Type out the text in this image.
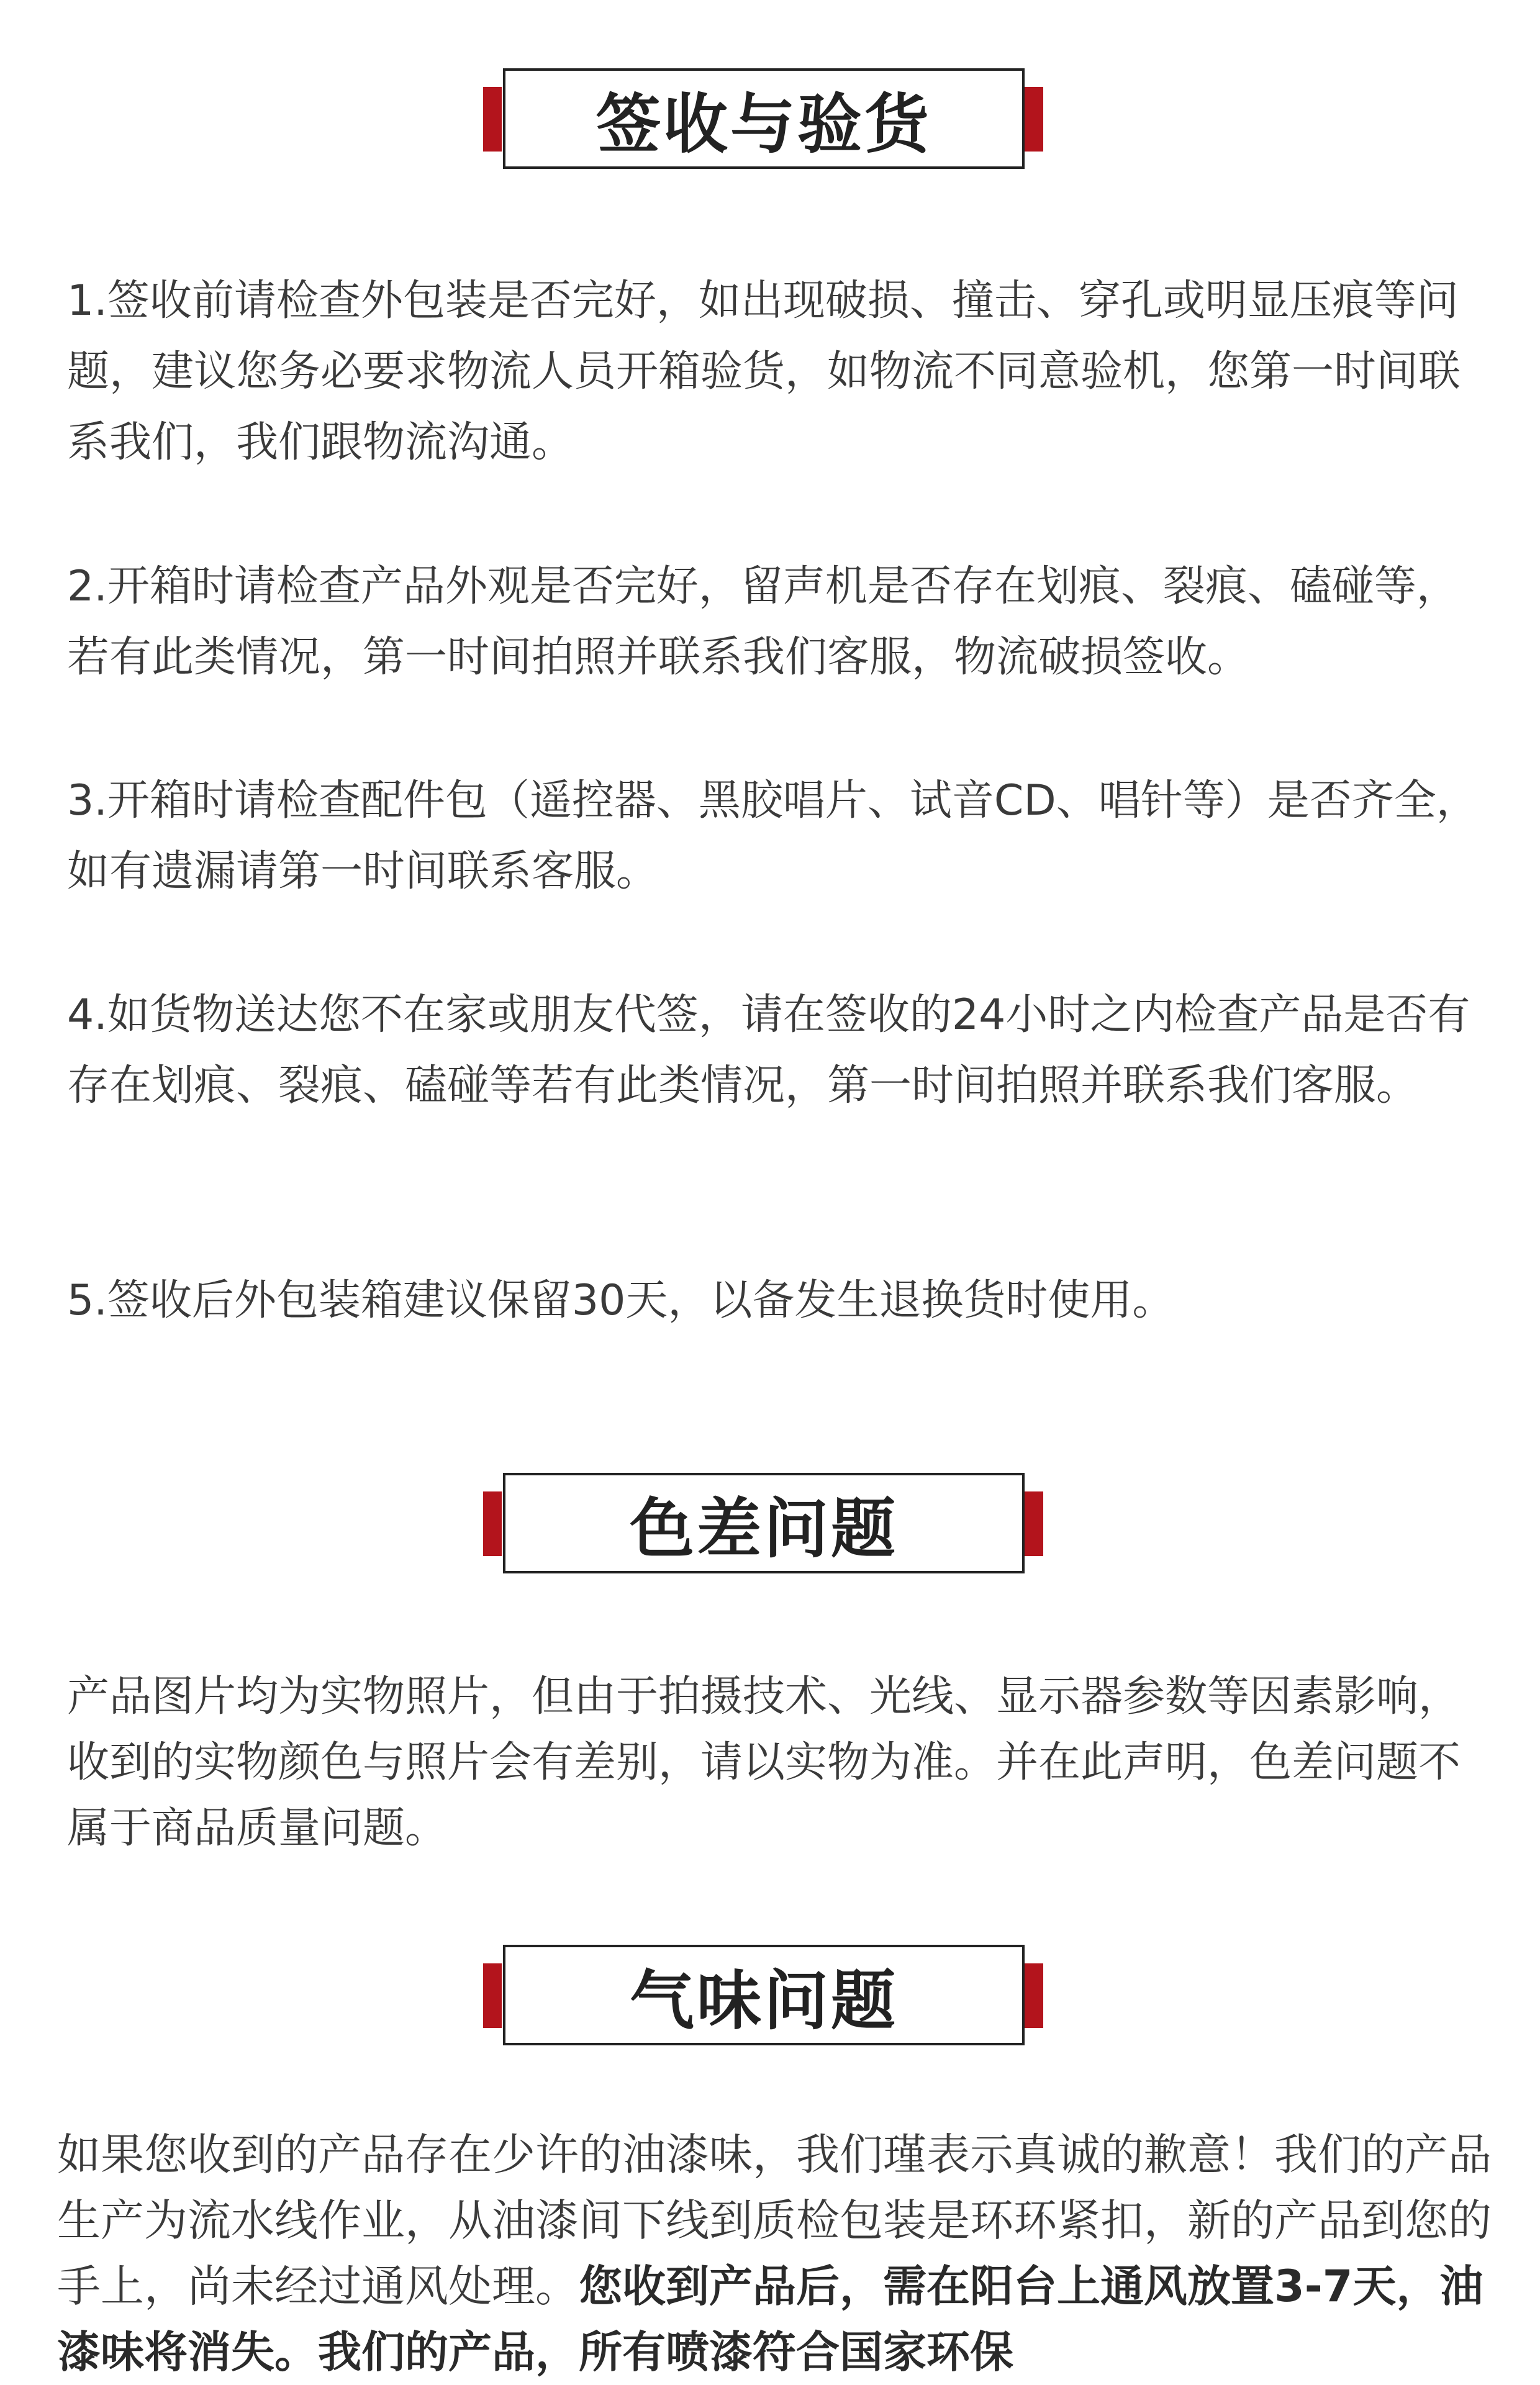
签收与验货

1.签收前请检查外包装是否完好，如出现破损、撞击、穿孔或明显压痕等问题，建议您务必要求物流人员开箱验货，如物流不同意验机，您第一时间联系我们，我们跟物流沟通。

2.开箱时请检查产品外观是否完好，留声机是否存在划痕、裂痕、磕碰等，若有此类情况，第一时间拍照并联系我们客服，物流破损签收。

3.开箱时请检查配件包（遥控器、黑胶唱片、试音CD、唱针等）是否齐全，如有遗漏请第一时间联系客服。

4.如货物送达您不在家或朋友代签，请在签收的24小时之内检查产品是否有存在划痕、裂痕、磕碰等若有此类情况，第一时间拍照并联系我们客服。

5.签收后外包装箱建议保留30天，以备发生退换货时使用。

色差问题

产品图片均为实物照片，但由于拍摄技术、光线、显示器参数等因素影响，收到的实物颜色与照片会有差别，请以实物为准。并在此声明，色差问题不属于商品质量问题。

气味问题

如果您收到的产品存在少许的油漆味，我们瑾表示真诚的歉意！我们的产品生产为流水线作业，从油漆间下线到质检包装是环环紧扣，新的产品到您的手上，尚未经过通风处理。您收到产品后，需在阳台上通风放置3-7天，油漆味将消失。我们的产品，所有喷漆符合国家环保
